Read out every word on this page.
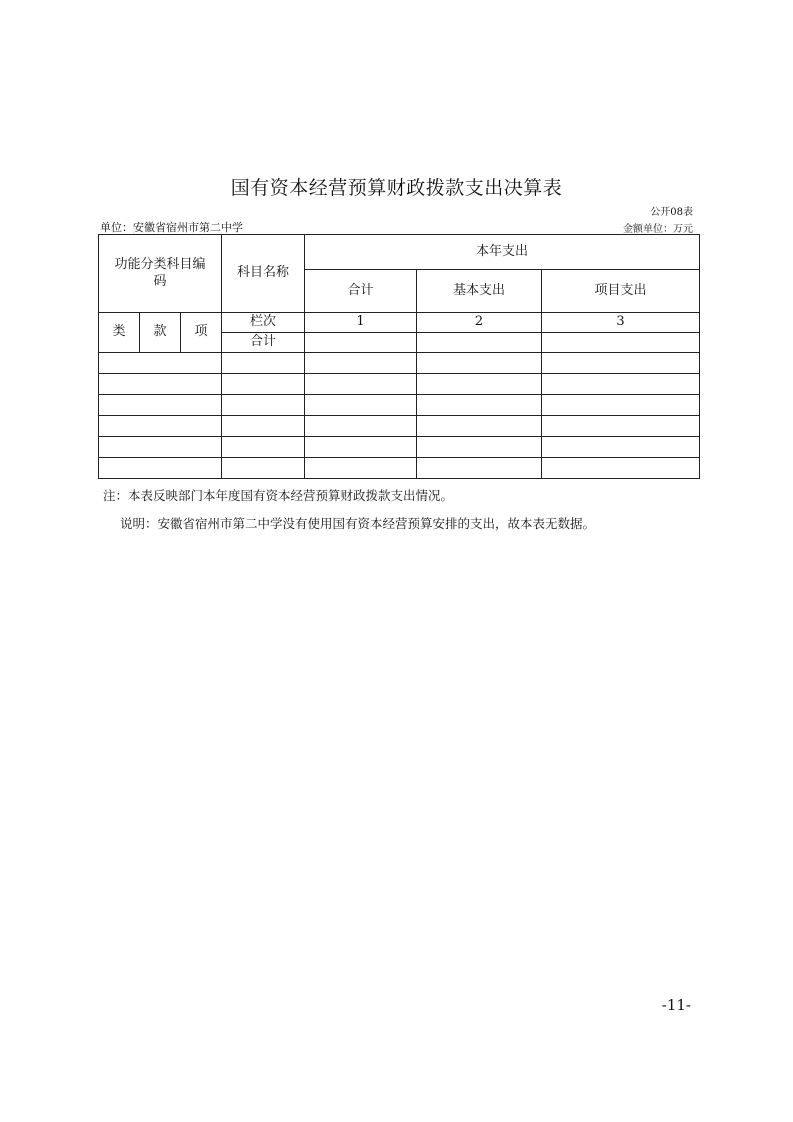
国有资本经营预算财政拨款支出决算表
公开08表
单位：安徽省宿州市第二中学	金额单位：万元
功能分类科目编码			科目名称	本年支出		
				合计	基本支出	项目支出
类	款	项	栏次	1	2	3
			合计			

注：本表反映部门本年度国有资本经营预算财政拨款支出情况。
说明：安徽省宿州市第二中学没有使用国有资本经营预算安排的支出，故本表无数据。
-11-
